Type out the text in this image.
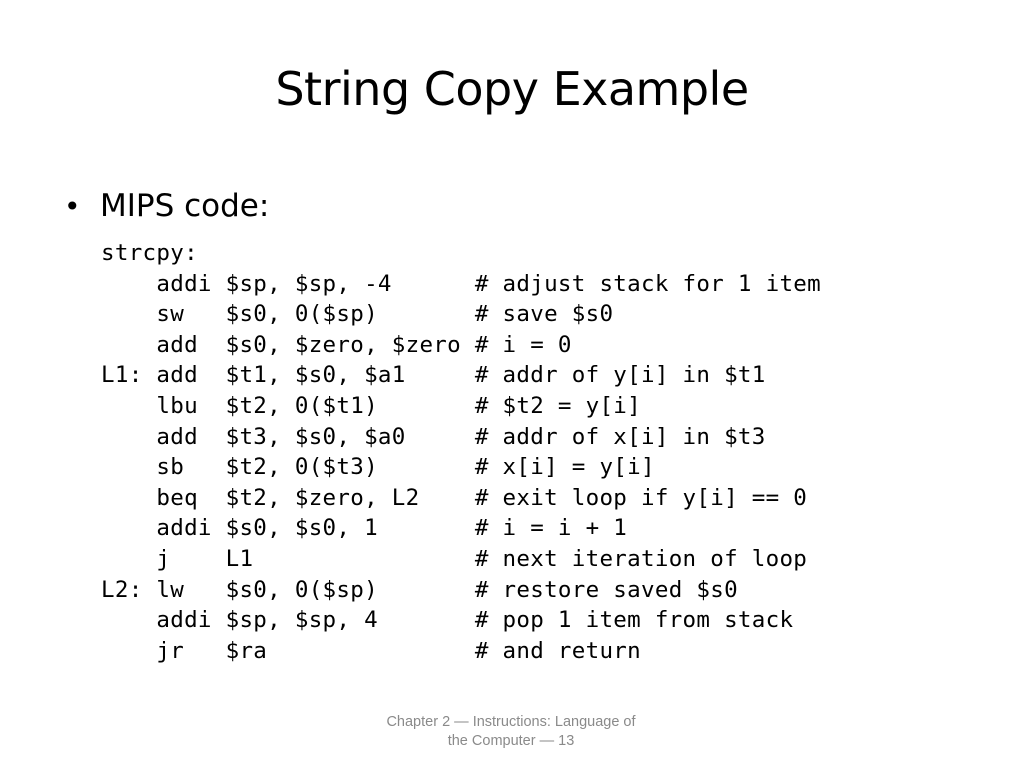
String Copy Example
• MIPS code:
strcpy:
addi $sp, $sp, -4      # adjust stack for 1 item
sw   $s0, 0($sp)       # save $s0
add  $s0, $zero, $zero # i = 0
L1: add  $t1, $s0, $a1     # addr of y[i] in $t1
lbu  $t2, 0($t1)       # $t2 = y[i]
add  $t3, $s0, $a0     # addr of x[i] in $t3
sb   $t2, 0($t3)       # x[i] = y[i]
beq  $t2, $zero, L2    # exit loop if y[i] == 0
addi $s0, $s0, 1       # i = i + 1
j    L1                # next iteration of loop
L2: lw   $s0, 0($sp)       # restore saved $s0
addi $sp, $sp, 4       # pop 1 item from stack
jr   $ra               # and return
Chapter 2 — Instructions: Language of
the Computer — 13
